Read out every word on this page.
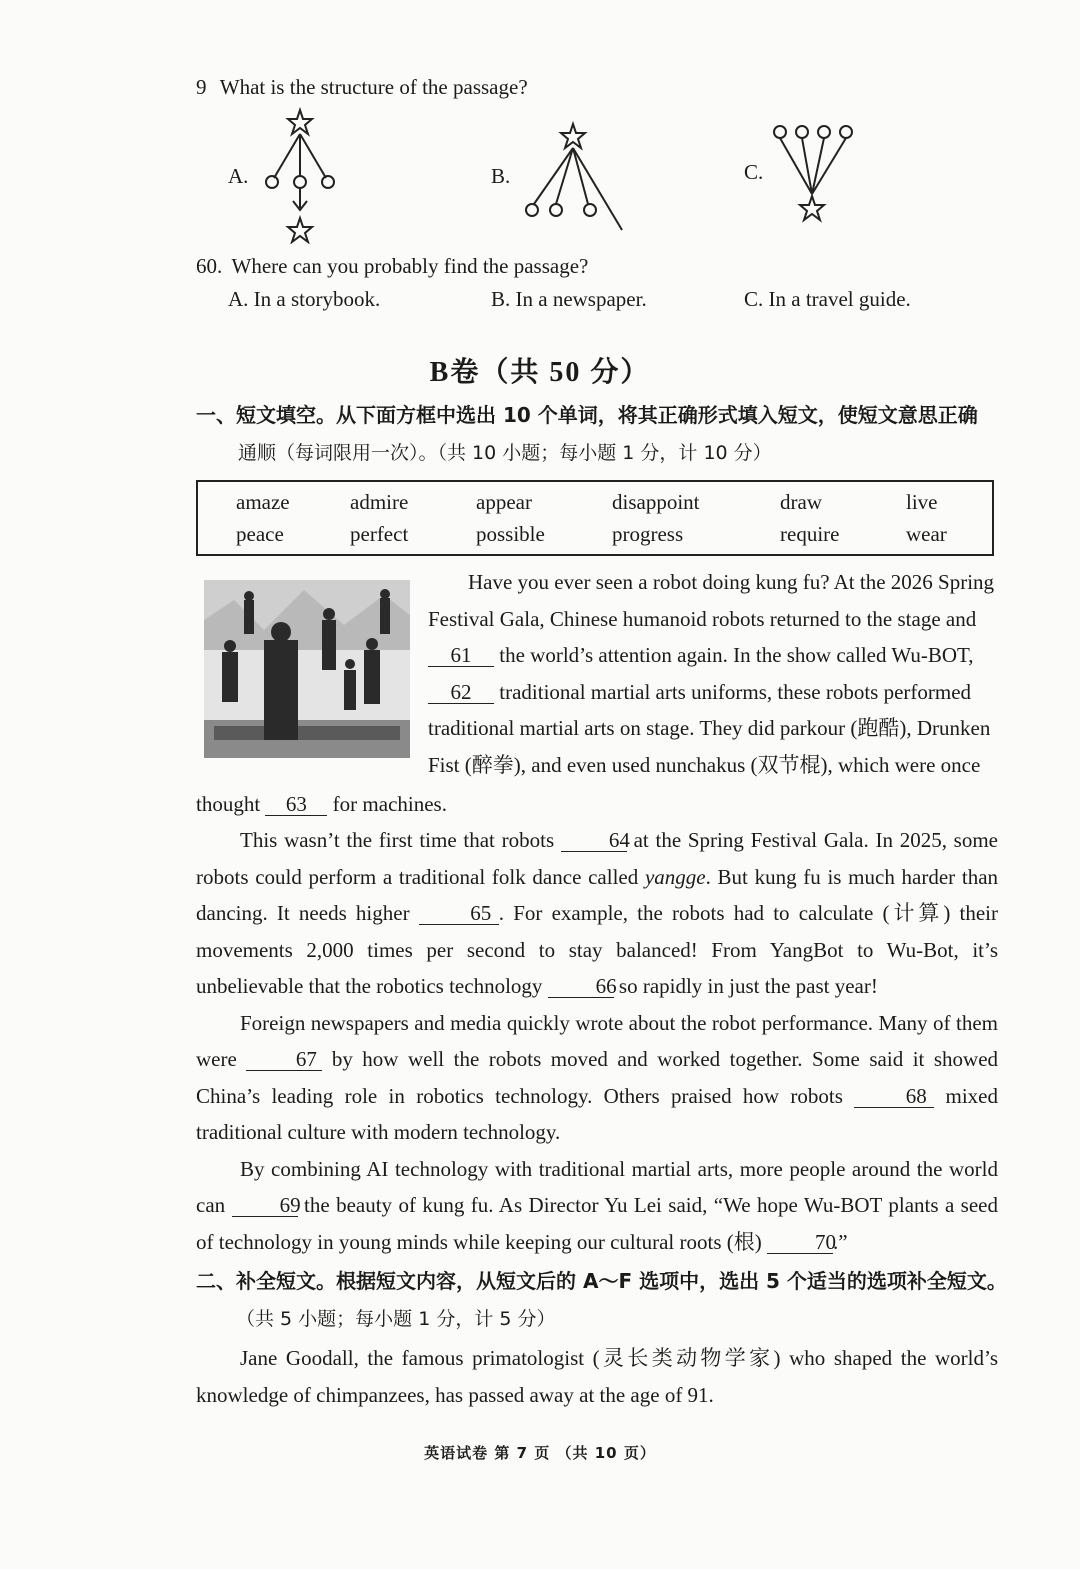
9 What is the structure of the passage?
A.	B.	C.
60. Where can you probably find the passage?
A. In a storybook.	B. In a newspaper.	C. In a travel guide.
B卷（共 50 分）
一、短文填空。从下面方框中选出 10 个单词，将其正确形式填入短文，使短文意思正确
通顺（每词限用一次）。（共 10 小题；每小题 1 分，计 10 分）
amaze	admire	appear	disappoint	draw	live
peace	perfect	possible	progress	require	wear
Have you ever seen a robot doing kung fu? At the 2026 Spring
Festival Gala, Chinese humanoid robots returned to the stage and
61 the world’s attention again. In the show called Wu-BOT,
62 traditional martial arts uniforms, these robots performed
traditional martial arts on stage. They did parkour (跑酷), Drunken
Fist (醉拳), and even used nunchakus (双节棍), which were once
thought 63 for machines.

This wasn’t the first time that robots	64 at the Spring Festival Gala. In 2025, some robots could perform a traditional folk dance called yangge. But kung fu is much harder than dancing. It needs higher	65 . For example, the robots had to calculate (计算) their movements 2,000 times per second to stay balanced! From YangBot to Wu-Bot, it’s unbelievable that the robotics technology	66 so rapidly in just the past year!

Foreign newspapers and media quickly wrote about the robot performance. Many of them were	67 by how well the robots moved and worked together. Some said it showed China’s leading role in robotics technology. Others praised how robots	68 mixed traditional culture with modern technology.

By combining AI technology with traditional martial arts, more people around the world can	69 the beauty of kung fu. As Director Yu Lei said, “We hope Wu-BOT plants a seed of technology in young minds while keeping our cultural roots (根)	70.”

二、补全短文。根据短文内容，从短文后的 A～F 选项中，选出 5 个适当的选项补全短文。
（共 5 小题；每小题 1 分，计 5 分）

Jane Goodall, the famous primatologist (灵长类动物学家) who shaped the world’s knowledge of chimpanzees, has passed away at the age of 91.

英语试卷 第 7 页 （共 10 页）
